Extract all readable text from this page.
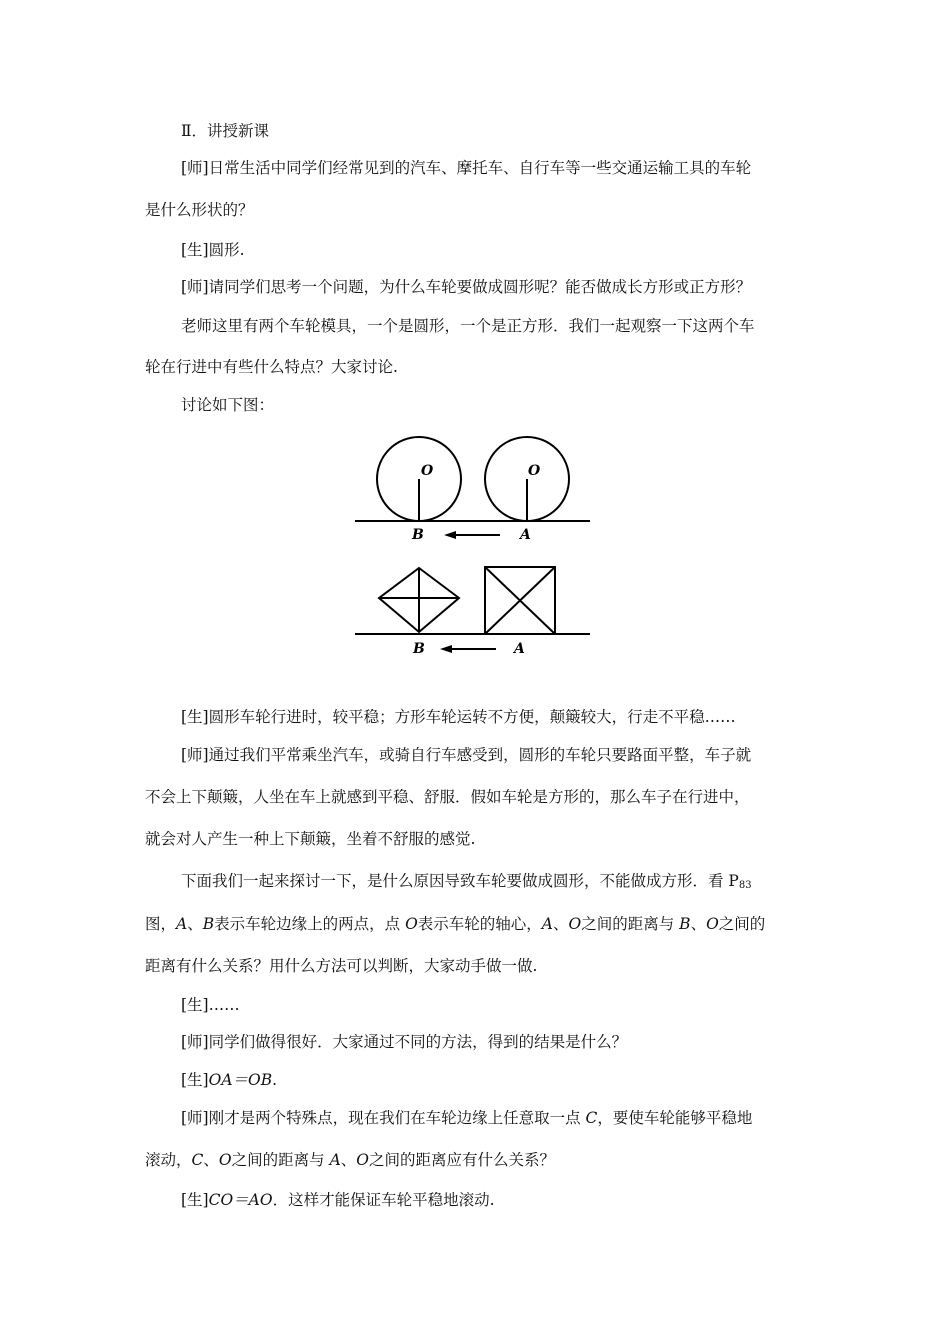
Ⅱ．讲授新课
[师]日常生活中同学们经常见到的汽车、摩托车、自行车等一些交通运输工具的车轮
是什么形状的？
[生]圆形.
[师]请同学们思考一个问题，为什么车轮要做成圆形呢？能否做成长方形或正方形？
老师这里有两个车轮模具，一个是圆形，一个是正方形．我们一起观察一下这两个车
轮在行进中有些什么特点？大家讨论.
讨论如下图：
O	O
B	A
B	A
[生]圆形车轮行进时，较平稳；方形车轮运转不方便，颠簸较大，行走不平稳……
[师]通过我们平常乘坐汽车，或骑自行车感受到，圆形的车轮只要路面平整，车子就
不会上下颠簸，人坐在车上就感到平稳、舒服．假如车轮是方形的，那么车子在行进中，
就会对人产生一种上下颠簸，坐着不舒服的感觉.
下面我们一起来探讨一下，是什么原因导致车轮要做成圆形，不能做成方形．看 $P_{83}$
图，A、B表示车轮边缘上的两点，点 O表示车轮的轴心，A、O之间的距离与 B、O之间的
距离有什么关系？用什么方法可以判断，大家动手做一做.
[生]……
[师]同学们做得很好．大家通过不同的方法，得到的结果是什么？
[生]OA＝OB.
[师]刚才是两个特殊点，现在我们在车轮边缘上任意取一点 C，要使车轮能够平稳地
滚动，C、O之间的距离与 A、O之间的距离应有什么关系？
[生]CO＝AO．这样才能保证车轮平稳地滚动.
